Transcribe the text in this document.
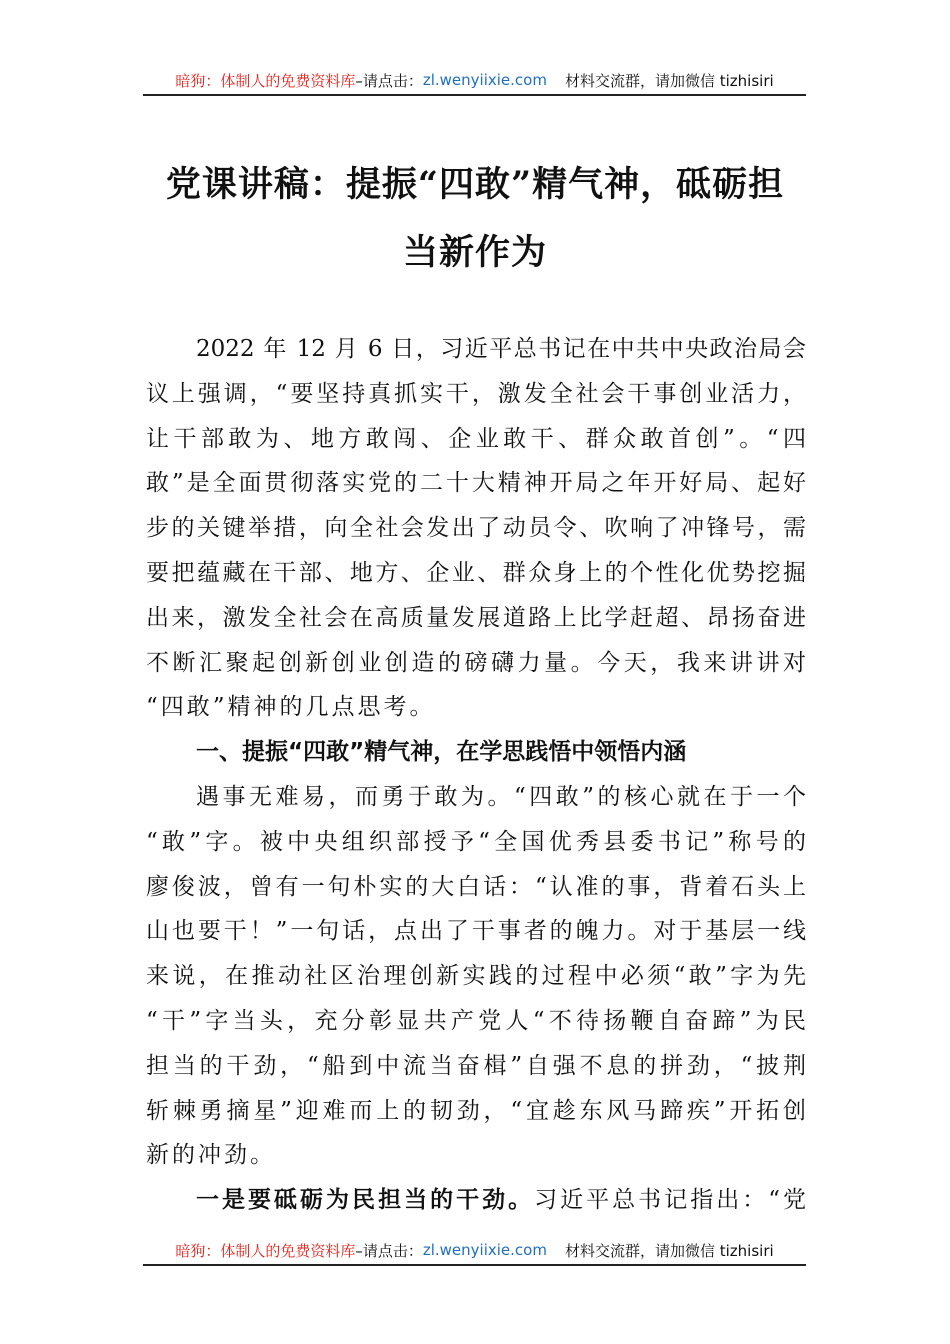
暗狗：体制人的免费资料库 –请点击： zl.wenyiixie.com 材料交流群，请加微信 tizhisiri
党课讲稿：提振“四敢”精气神，砥砺担
当新作为
2022 年 12 月 6 日，习近平总书记在中共中央政治局会
议上强调，“要坚持真抓实干，激发全社会干事创业活力，
让干部敢为、地方敢闯、企业敢干、群众敢首创”。“四
敢”是全面贯彻落实党的二十大精神开局之年开好局、起好
步的关键举措，向全社会发出了动员令、吹响了冲锋号，需
要把蕴藏在干部、地方、企业、群众身上的个性化优势挖掘
出来，激发全社会在高质量发展道路上比学赶超、昂扬奋进
不断汇聚起创新创业创造的磅礴力量。今天，我来讲讲对
“四敢”精神的几点思考。
一、提振“四敢”精气神，在学思践悟中领悟内涵
遇事无难易，而勇于敢为。“四敢”的核心就在于一个
“敢”字。被中央组织部授予“全国优秀县委书记”称号的
廖俊波，曾有一句朴实的大白话：“认准的事，背着石头上
山也要干！”一句话，点出了干事者的魄力。对于基层一线
来说，在推动社区治理创新实践的过程中必须“敢”字为先
“干”字当头，充分彰显共产党人“不待扬鞭自奋蹄”为民
担当的干劲，“船到中流当奋楫”自强不息的拼劲，“披荆
斩棘勇摘星”迎难而上的韧劲，“宜趁东风马蹄疾”开拓创
新的冲劲。
一是要砥砺为民担当的干劲。习近平总书记指出：“党
暗狗：体制人的免费资料库 –请点击： zl.wenyiixie.com 材料交流群，请加微信 tizhisiri
